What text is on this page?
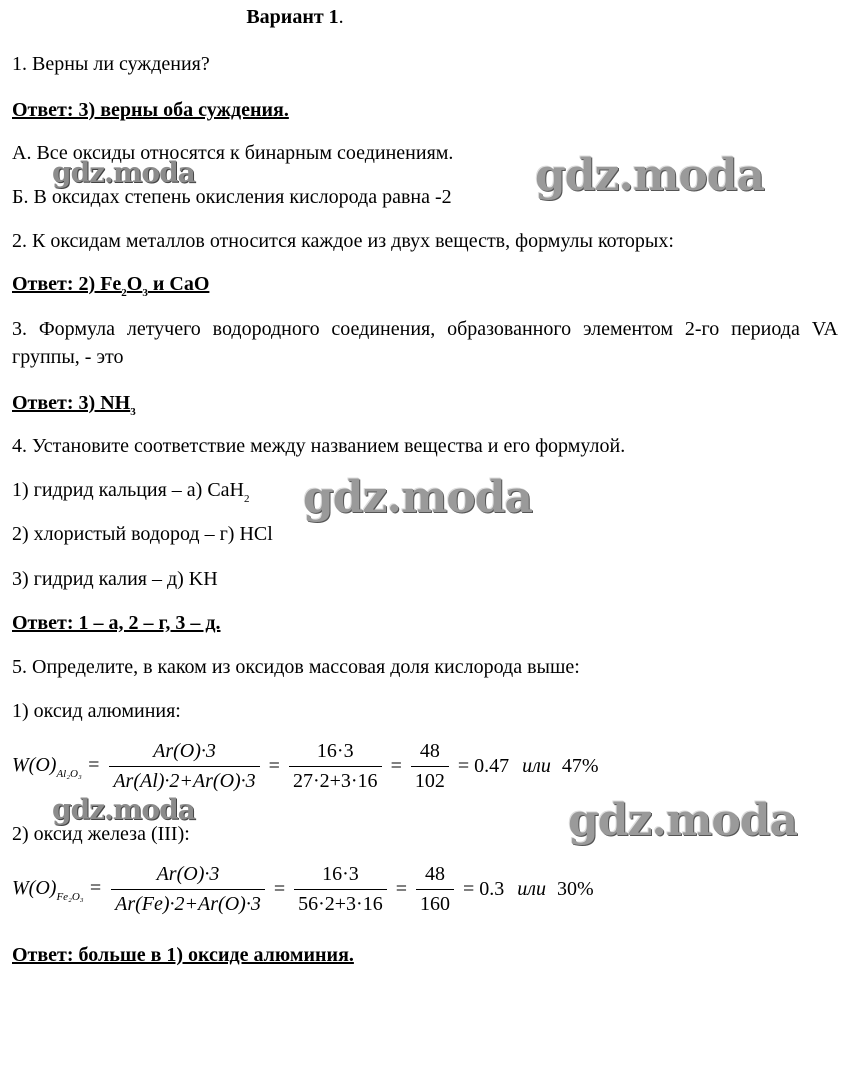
Вариант 1.
1. Верны ли суждения?
Ответ: 3) верны оба суждения.
А. Все оксиды относятся к бинарным соединениям.
Б. В оксидах степень окисления кислорода равна -2
2. К оксидам металлов относится каждое из двух веществ, формулы которых:
Ответ: 2) $Fe_2O_3$ и CaO
3. Формула летучего водородного соединения, образованного элементом 2-го периода VA группы, - это
Ответ: 3) $NH_3$
4. Установите соответствие между названием вещества и его формулой.
1) гидрид кальция – а) CaH$_2$
2) хлористый водород – г) HCl
3) гидрид калия – д) KH
Ответ: 1 – а, 2 – г, 3 – д.
5. Определите, в каком из оксидов массовая доля кислорода выше:
1) оксид алюминия:
$W(O)_{Al_2O_3} = \frac{Ar(O)\cdot 3}{Ar(Al)\cdot 2+Ar(O)\cdot 3} = \frac{16\cdot 3}{27\cdot 2+3\cdot 16} = \frac{48}{102} = 0.47$ или 47%
2) оксид железа (III):
$W(O)_{Fe_2O_3} = \frac{Ar(O)\cdot 3}{Ar(Fe)\cdot 2+Ar(O)\cdot 3} = \frac{16\cdot 3}{56\cdot 2+3\cdot 16} = \frac{48}{160} = 0.3$ или 30%
Ответ: больше в 1) оксиде алюминия.
gdz.moda	gdz.moda
gdz.moda
gdz.moda	gdz.moda
